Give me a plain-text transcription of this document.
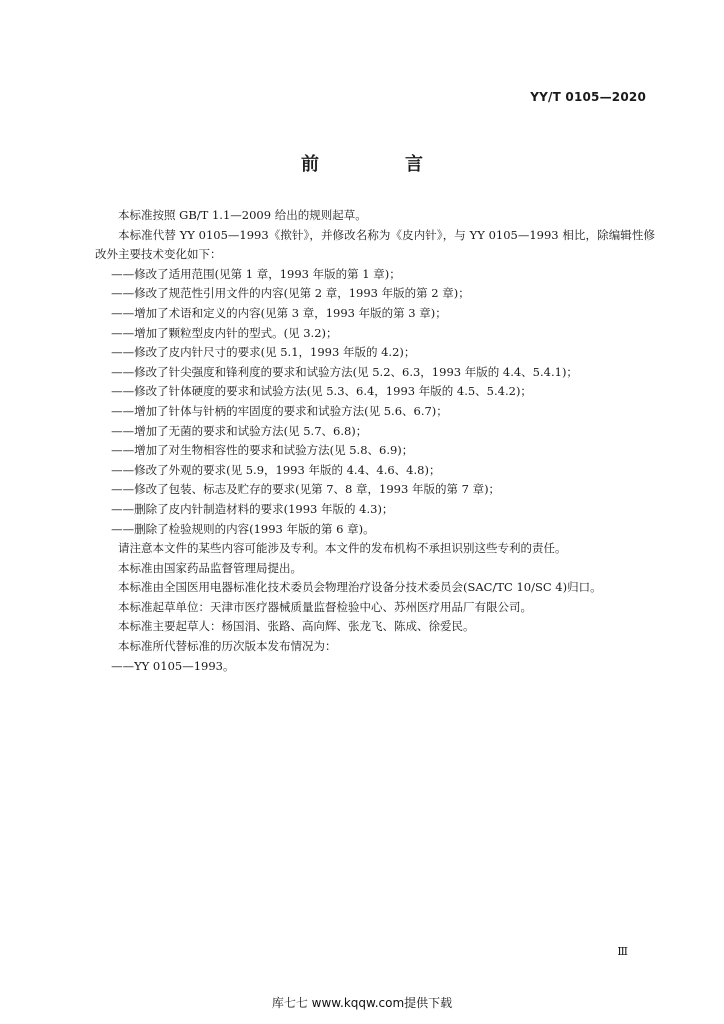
YY/T 0105—2020
前　言

本标准按照 GB/T 1.1—2009 给出的规则起草。

本标准代替 YY 0105—1993《揿针》，并修改名称为《皮内针》，与 YY 0105—1993 相比，除编辑性修改外主要技术变化如下：

——修改了适用范围(见第 1 章，1993 年版的第 1 章)；

——修改了规范性引用文件的内容(见第 2 章，1993 年版的第 2 章)；

——增加了术语和定义的内容(见第 3 章，1993 年版的第 3 章)；

——增加了颗粒型皮内针的型式。(见 3.2)；

——修改了皮内针尺寸的要求(见 5.1，1993 年版的 4.2)；

——修改了针尖强度和锋利度的要求和试验方法(见 5.2、6.3，1993 年版的 4.4、5.4.1)；

——修改了针体硬度的要求和试验方法(见 5.3、6.4，1993 年版的 4.5、5.4.2)；

——增加了针体与针柄的牢固度的要求和试验方法(见 5.6、6.7)；

——增加了无菌的要求和试验方法(见 5.7、6.8)；

——增加了对生物相容性的要求和试验方法(见 5.8、6.9)；

——修改了外观的要求(见 5.9，1993 年版的 4.4、4.6、4.8)；

——修改了包装、标志及贮存的要求(见第 7、8 章，1993 年版的第 7 章)；

——删除了皮内针制造材料的要求(1993 年版的 4.3)；

——删除了检验规则的内容(1993 年版的第 6 章)。

请注意本文件的某些内容可能涉及专利。本文件的发布机构不承担识别这些专利的责任。

本标准由国家药品监督管理局提出。

本标准由全国医用电器标准化技术委员会物理治疗设备分技术委员会(SAC/TC 10/SC 4)归口。

本标准起草单位：天津市医疗器械质量监督检验中心、苏州医疗用品厂有限公司。

本标准主要起草人：杨国涓、张路、高向辉、张龙飞、陈成、徐爱民。

本标准所代替标准的历次版本发布情况为：

——YY 0105—1993。

Ⅲ
库七七 www.kqqw.com提供下载
